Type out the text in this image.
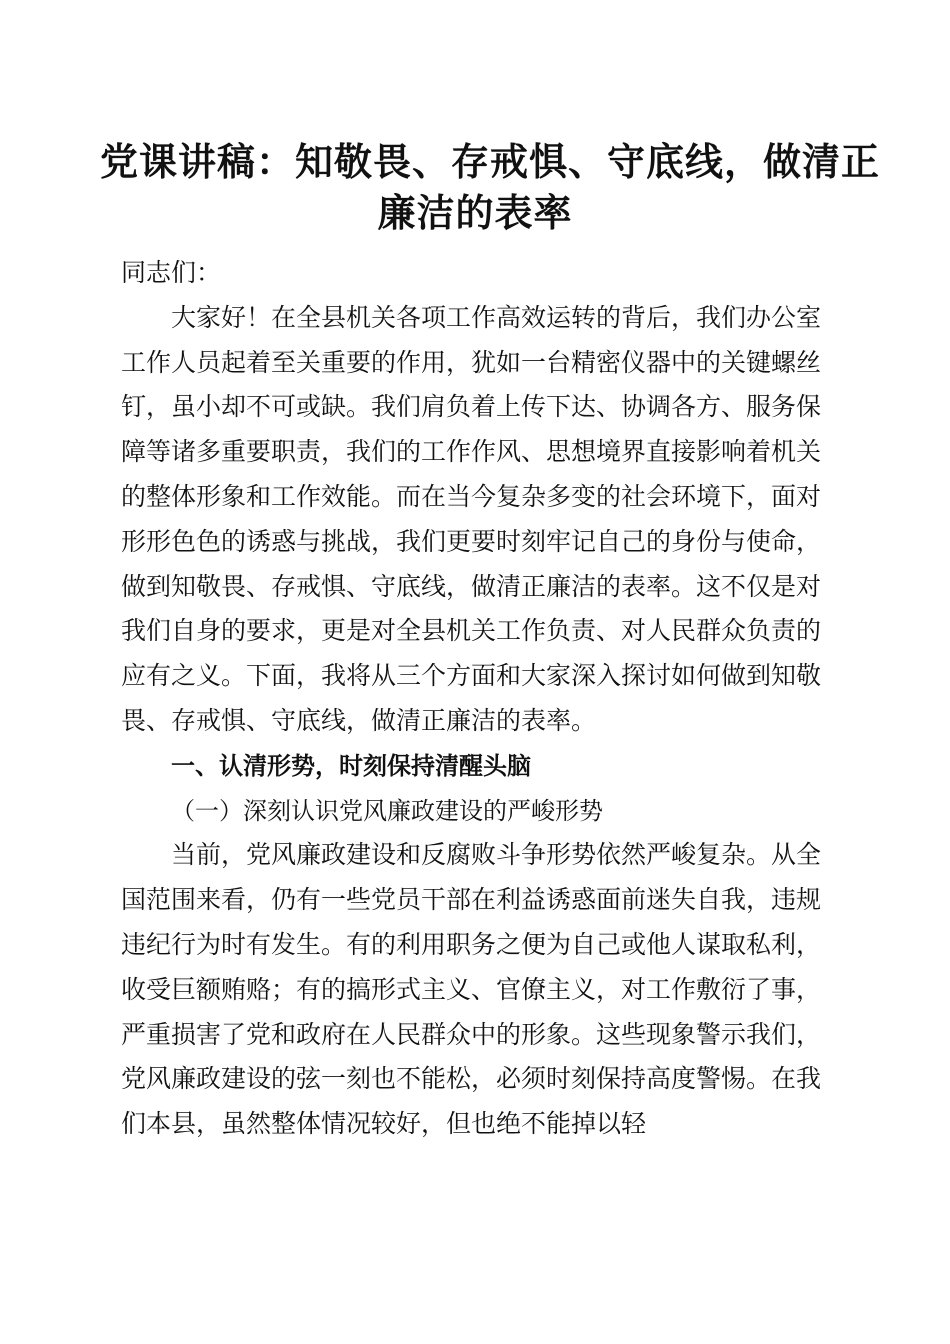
党课讲稿：知敬畏、存戒惧、守底线，做清正
廉洁的表率

同志们：

大家好！在全县机关各项工作高效运转的背后，我们办公室工作人员起着至关重要的作用，犹如一台精密仪器中的关键螺丝钉，虽小却不可或缺。我们肩负着上传下达、协调各方、服务保障等诸多重要职责，我们的工作作风、思想境界直接影响着机关的整体形象和工作效能。而在当今复杂多变的社会环境下，面对形形色色的诱惑与挑战，我们更要时刻牢记自己的身份与使命，做到知敬畏、存戒惧、守底线，做清正廉洁的表率。这不仅是对我们自身的要求，更是对全县机关工作负责、对人民群众负责的应有之义。下面，我将从三个方面和大家深入探讨如何做到知敬畏、存戒惧、守底线，做清正廉洁的表率。

一、认清形势，时刻保持清醒头脑

（一）深刻认识党风廉政建设的严峻形势

当前，党风廉政建设和反腐败斗争形势依然严峻复杂。从全国范围来看，仍有一些党员干部在利益诱惑面前迷失自我，违规违纪行为时有发生。有的利用职务之便为自己或他人谋取私利，收受巨额贿赂；有的搞形式主义、官僚主义，对工作敷衍了事，严重损害了党和政府在人民群众中的形象。这些现象警示我们，党风廉政建设的弦一刻也不能松，必须时刻保持高度警惕。在我们本县，虽然整体情况较好，但也绝不能掉以轻
